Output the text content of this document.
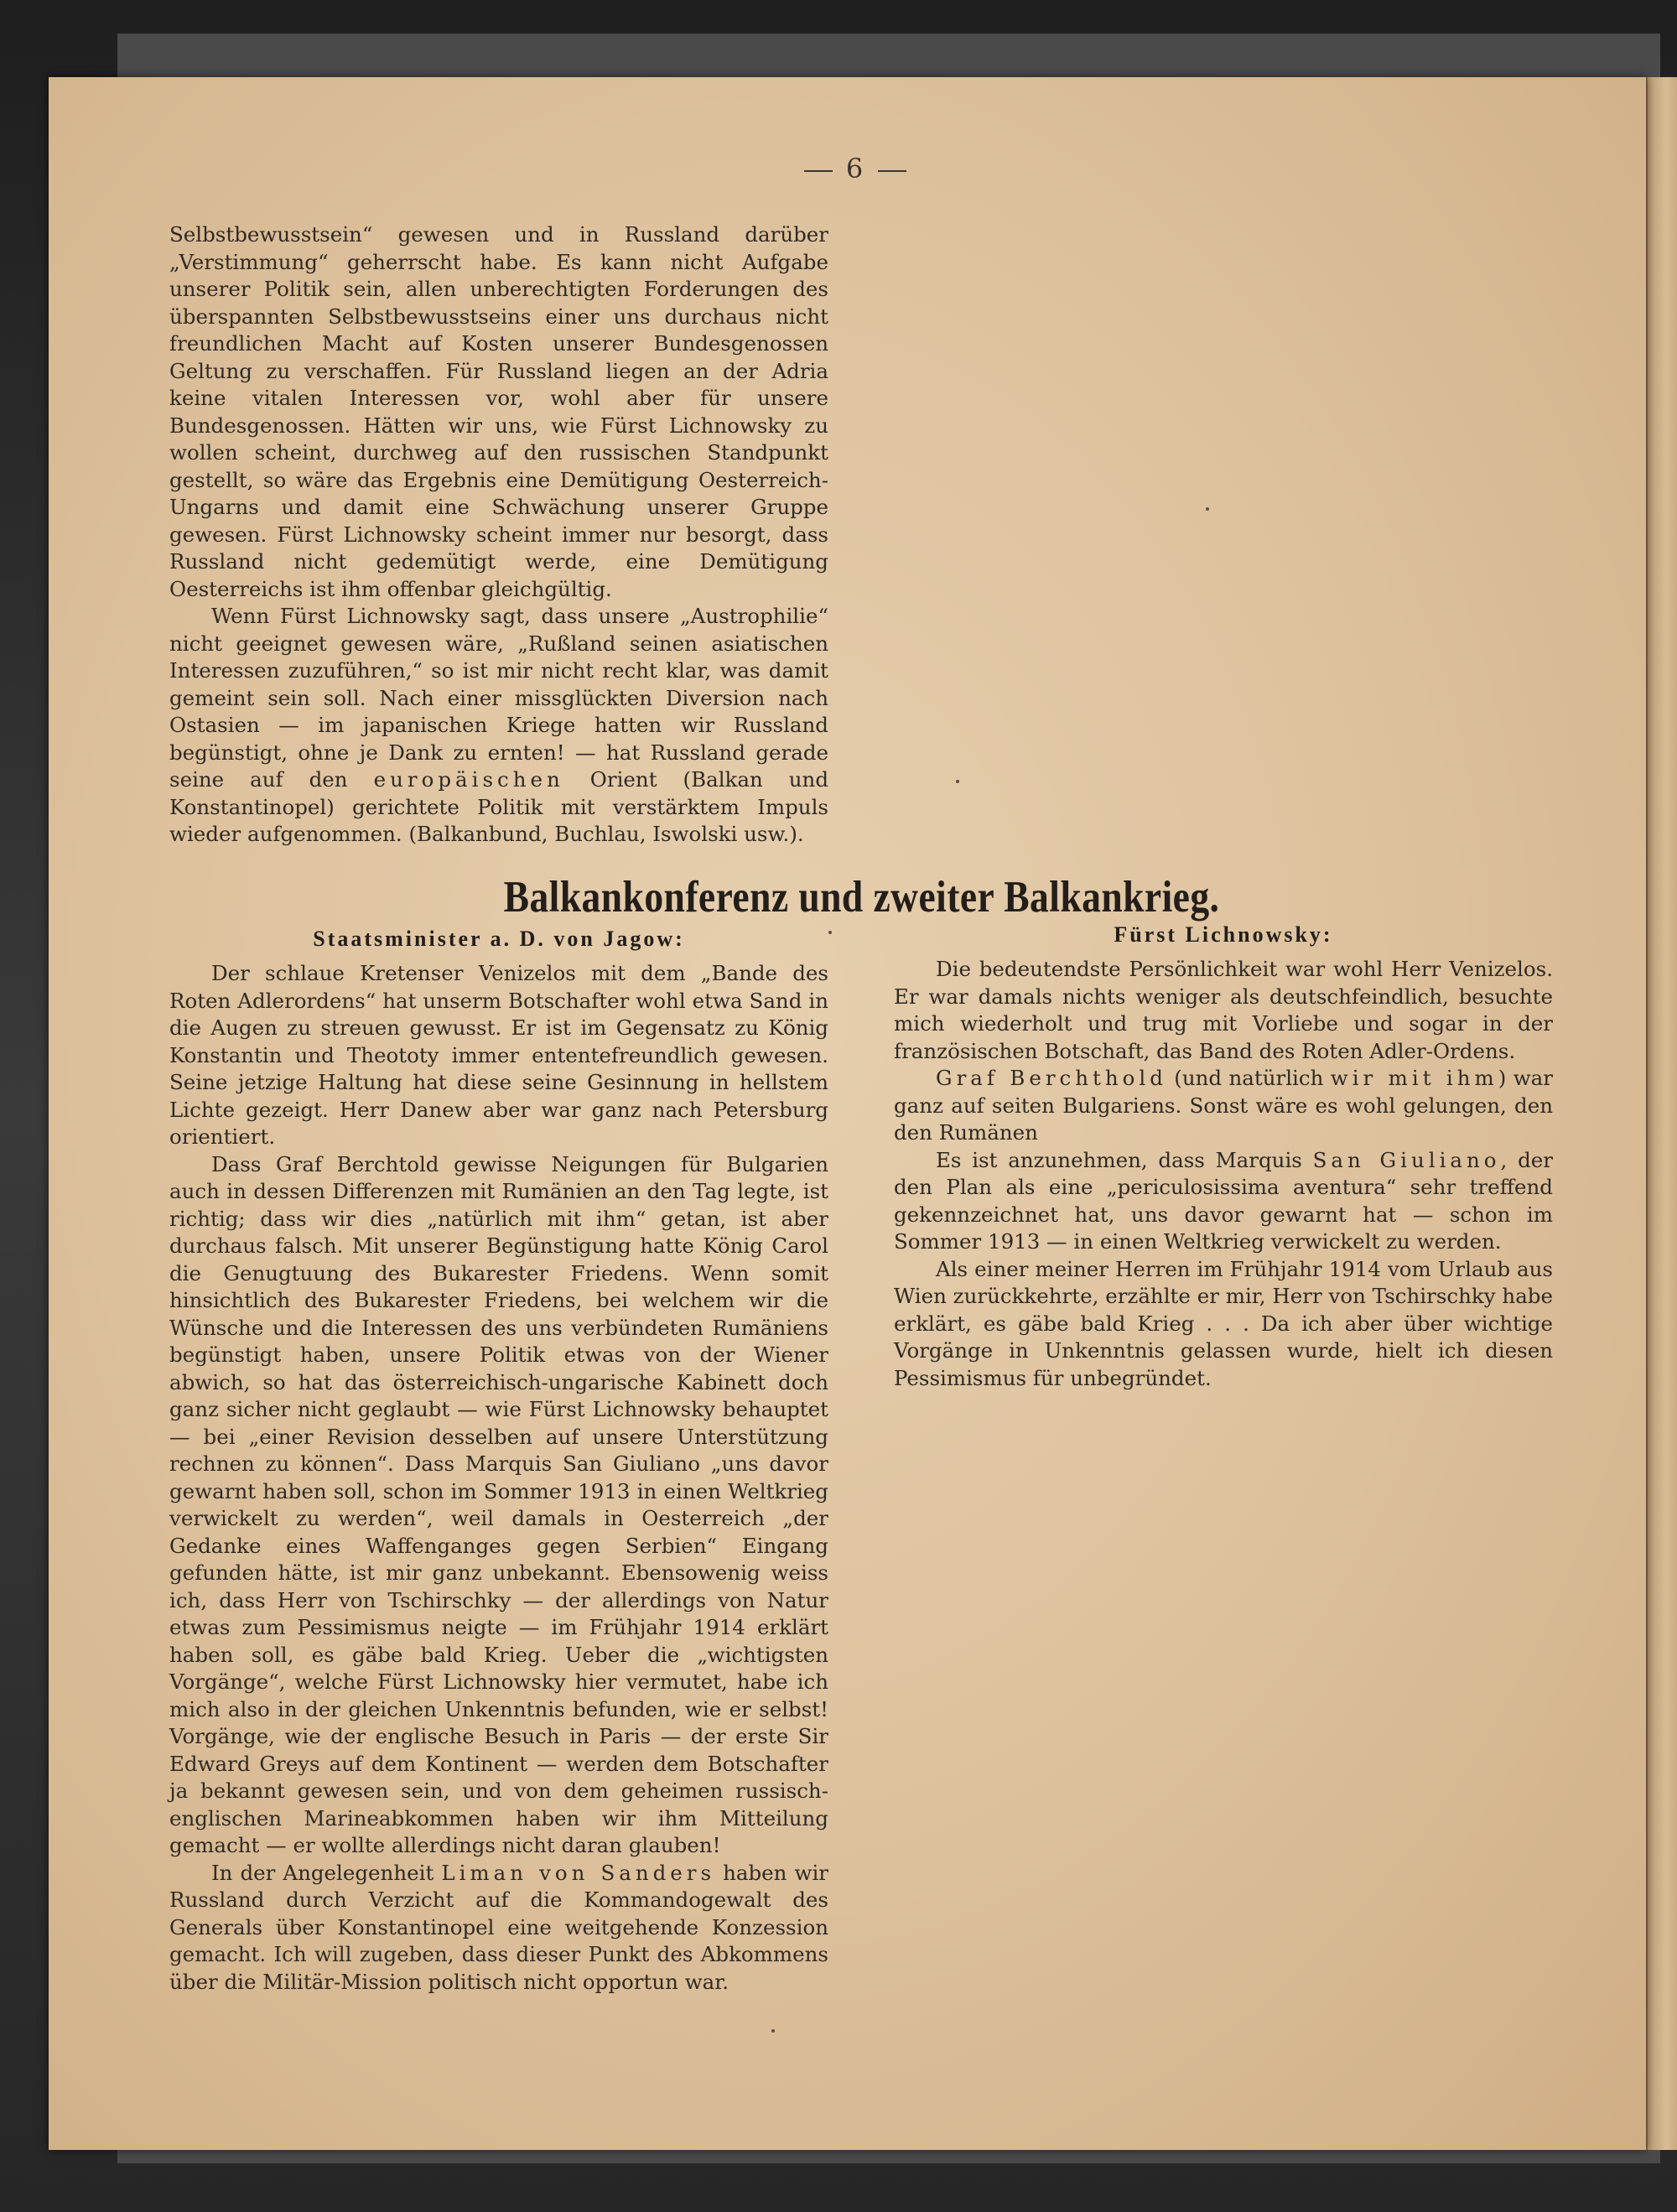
6

Selbstbewusstsein“ gewesen und in Russland darüber „Verstimmung“ geherrscht habe. Es kann nicht Aufgabe unserer Politik sein, allen unberechtigten Forderungen des überspannten Selbstbewusstseins einer uns durchaus nicht freundlichen Macht auf Kosten unserer Bundesgenossen Geltung zu verschaffen. Für Russland liegen an der Adria keine vitalen Interessen vor, wohl aber für unsere Bundesgenossen. Hätten wir uns, wie Fürst Lichnowsky zu wollen scheint, durchweg auf den russischen Standpunkt gestellt, so wäre das Ergebnis eine Demütigung Oesterreich-Ungarns und damit eine Schwächung unserer Gruppe gewesen. Fürst Lichnowsky scheint immer nur besorgt, dass Russland nicht gedemütigt werde, eine Demütigung Oesterreichs ist ihm offenbar gleichgültig.

Wenn Fürst Lichnowsky sagt, dass unsere „Austrophilie“ nicht geeignet gewesen wäre, „Rußland seinen asiatischen Interessen zuzuführen,“ so ist mir nicht recht klar, was damit gemeint sein soll. Nach einer missglückten Diversion nach Ostasien — im japanischen Kriege hatten wir Russland begünstigt, ohne je Dank zu ernten! — hat Russland gerade seine auf den europäischen Orient (Balkan und Konstantinopel) gerichtete Politik mit verstärktem Impuls wieder aufgenommen. (Balkanbund, Buchlau, Iswolski usw.).

Balkankonferenz und zweiter Balkankrieg.
Staatsminister a. D. von Jagow:	Fürst Lichnowsky:

Der schlaue Kretenser Venizelos mit dem „Bande des Roten Adlerordens“ hat unserm Botschafter wohl etwa Sand in die Augen zu streuen gewusst. Er ist im Gegensatz zu König Konstantin und Theototy immer ententefreundlich gewesen. Seine jetzige Haltung hat diese seine Gesinnung in hellstem Lichte gezeigt. Herr Danew aber war ganz nach Petersburg orientiert.

Dass Graf Berchtold gewisse Neigungen für Bulgarien auch in dessen Differenzen mit Rumänien an den Tag legte, ist richtig; dass wir dies „natürlich mit ihm“ getan, ist aber durchaus falsch. Mit unserer Begünstigung hatte König Carol die Genugtuung des Bukarester Friedens. Wenn somit hinsichtlich des Bukarester Friedens, bei welchem wir die Wünsche und die Interessen des uns verbündeten Rumäniens begünstigt haben, unsere Politik etwas von der Wiener abwich, so hat das österreichisch-ungarische Kabinett doch ganz sicher nicht geglaubt — wie Fürst Lichnowsky behauptet — bei „einer Revision desselben auf unsere Unterstützung rechnen zu können“. Dass Marquis San Giuliano „uns davor gewarnt haben soll, schon im Sommer 1913 in einen Weltkrieg verwickelt zu werden“, weil damals in Oesterreich „der Gedanke eines Waffenganges gegen Serbien“ Eingang gefunden hätte, ist mir ganz unbekannt. Ebensowenig weiss ich, dass Herr von Tschirschky — der allerdings von Natur etwas zum Pessimismus neigte — im Frühjahr 1914 erklärt haben soll, es gäbe bald Krieg. Ueber die „wichtigsten Vorgänge“, welche Fürst Lichnowsky hier vermutet, habe ich mich also in der gleichen Unkenntnis befunden, wie er selbst! Vorgänge, wie der englische Besuch in Paris — der erste Sir Edward Greys auf dem Kontinent — werden dem Botschafter ja bekannt gewesen sein, und von dem geheimen russisch-englischen Marineabkommen haben wir ihm Mitteilung gemacht — er wollte allerdings nicht daran glauben!

In der Angelegenheit Liman von Sanders haben wir Russland durch Verzicht auf die Kommandogewalt des Generals über Konstantinopel eine weitgehende Konzession gemacht. Ich will zugeben, dass dieser Punkt des Abkommens über die Militär-Mission politisch nicht opportun war.

Die bedeutendste Persönlichkeit war wohl Herr Venizelos. Er war damals nichts weniger als deutschfeindlich, besuchte mich wiederholt und trug mit Vorliebe und sogar in der französischen Botschaft, das Band des Roten Adler-Ordens.

Graf Berchthold (und natürlich wir mit ihm) war ganz auf seiten Bulgariens. Sonst wäre es wohl gelungen, den den Rumänen

Es ist anzunehmen, dass Marquis San Giuliano, der den Plan als eine „periculosissima aventura“ sehr treffend gekennzeichnet hat, uns davor gewarnt hat — schon im Sommer 1913 — in einen Weltkrieg verwickelt zu werden.

Als einer meiner Herren im Frühjahr 1914 vom Urlaub aus Wien zurückkehrte, erzählte er mir, Herr von Tschirschky habe erklärt, es gäbe bald Krieg . . . Da ich aber über wichtige Vorgänge in Unkenntnis gelassen wurde, hielt ich diesen Pessimismus für unbegründet.
